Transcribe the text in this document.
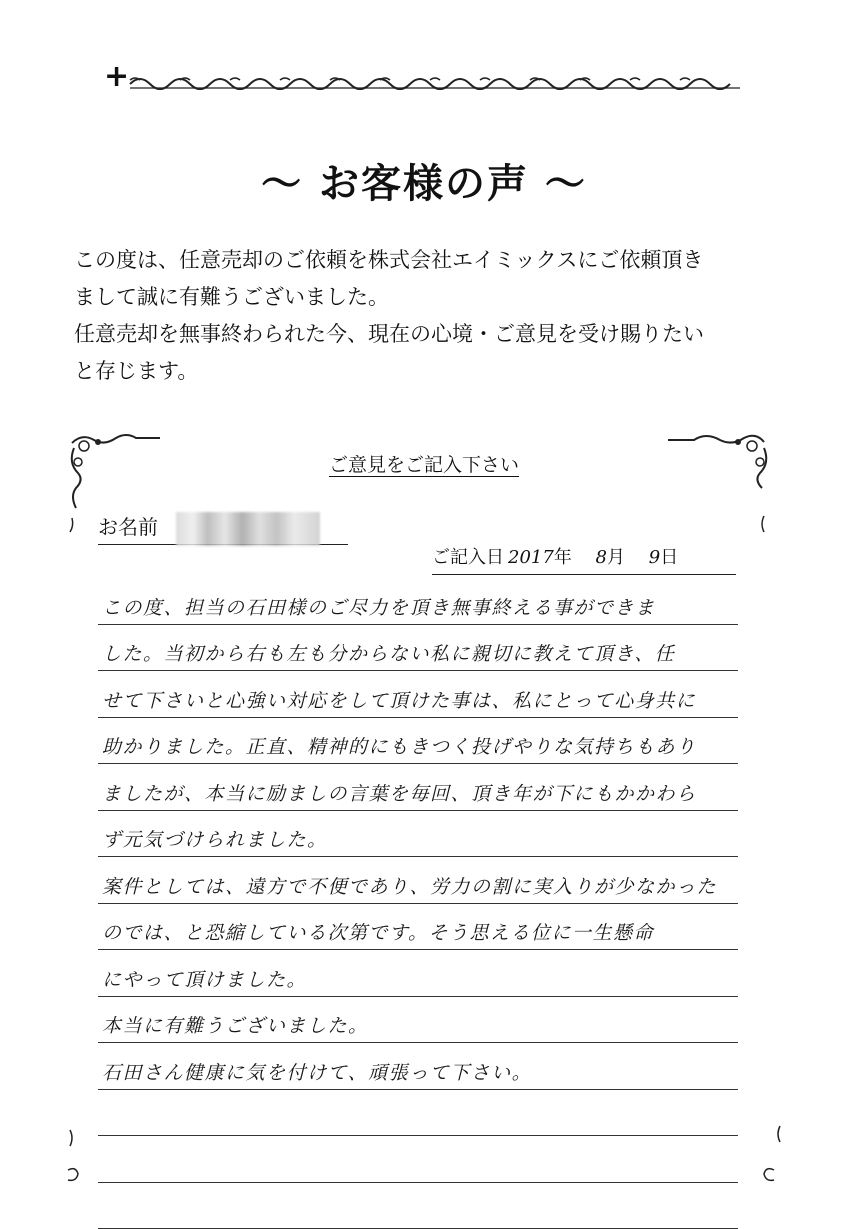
+
～ お客様の声 ～

この度は、任意売却のご依頼を株式会社エイミックスにご依頼頂き

まして誠に有難うございました。

任意売却を無事終わられた今、現在の心境・ご意見を受け賜りたい

と存じます。

ご意見をご記入下さい
お名前
ご記入日 2017年 8月 9日
この度、担当の石田様のご尽力を頂き無事終える事ができま
した。当初から右も左も分からない私に親切に教えて頂き、任
せて下さいと心強い対応をして頂けた事は、私にとって心身共に
助かりました。正直、精神的にもきつく投げやりな気持ちもあり
ましたが、本当に励ましの言葉を毎回、頂き年が下にもかかわら
ず元気づけられました。
案件としては、遠方で不便であり、労力の割に実入りが少なかった
のでは、と恐縮している次第です。そう思える位に一生懸命
にやって頂けました。
本当に有難うございました。
石田さん健康に気を付けて、頑張って下さい。
